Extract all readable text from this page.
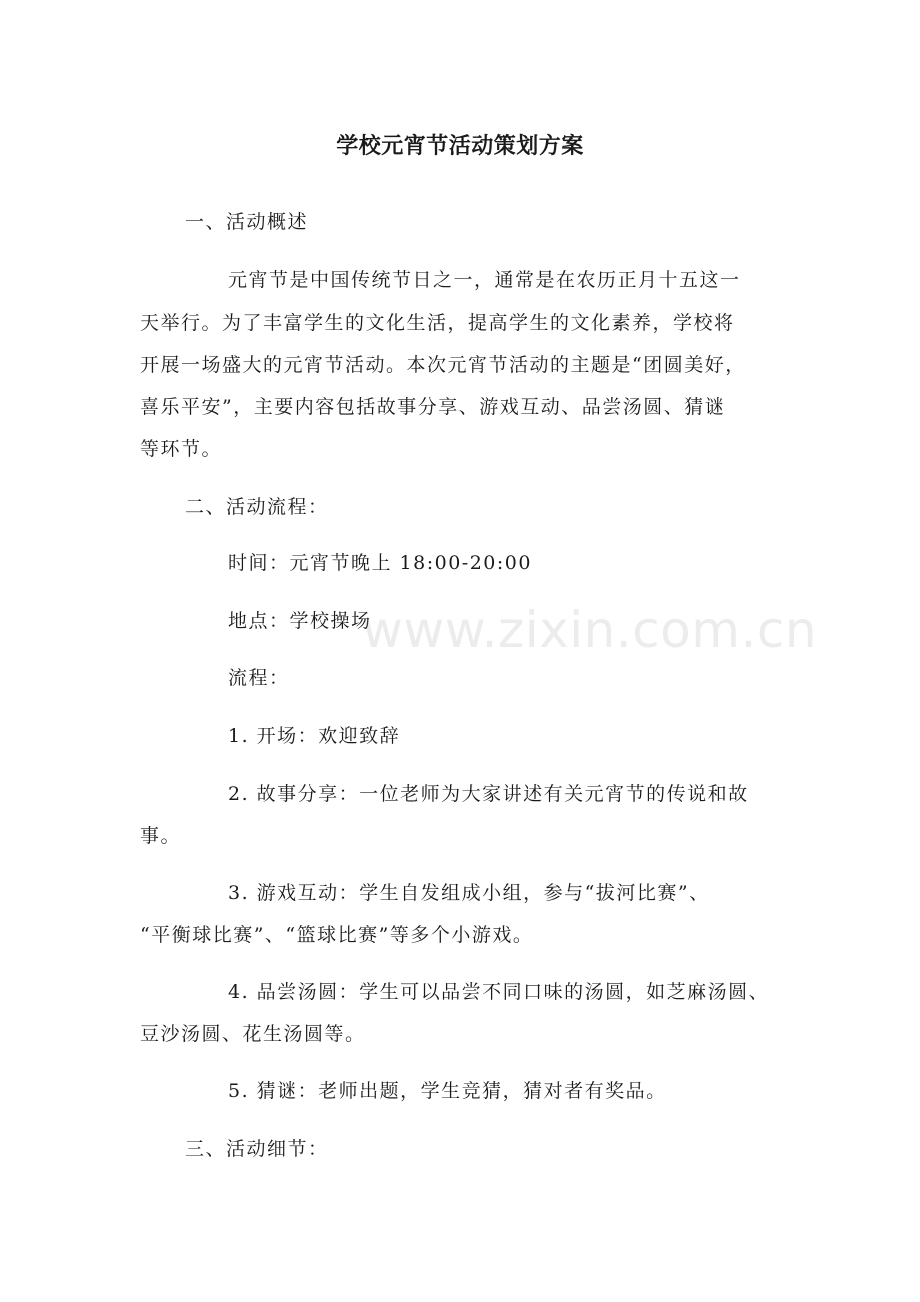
学校元宵节活动策划方案
一、活动概述
元宵节是中国传统节日之一，通常是在农历正月十五这一
天举行。为了丰富学生的文化生活，提高学生的文化素养，学校将
开展一场盛大的元宵节活动。本次元宵节活动的主题是“团圆美好，
喜乐平安”，主要内容包括故事分享、游戏互动、品尝汤圆、猜谜
等环节。
二、活动流程：
时间：元宵节晚上 18:00-20:00
地点：学校操场
流程：
1. 开场：欢迎致辞
2. 故事分享：一位老师为大家讲述有关元宵节的传说和故
事。
3. 游戏互动：学生自发组成小组，参与“拔河比赛”、
“平衡球比赛”、“篮球比赛”等多个小游戏。
4. 品尝汤圆：学生可以品尝不同口味的汤圆，如芝麻汤圆、
豆沙汤圆、花生汤圆等。
5. 猜谜：老师出题，学生竞猜，猜对者有奖品。
三、活动细节：
www.zixin.com.cn
